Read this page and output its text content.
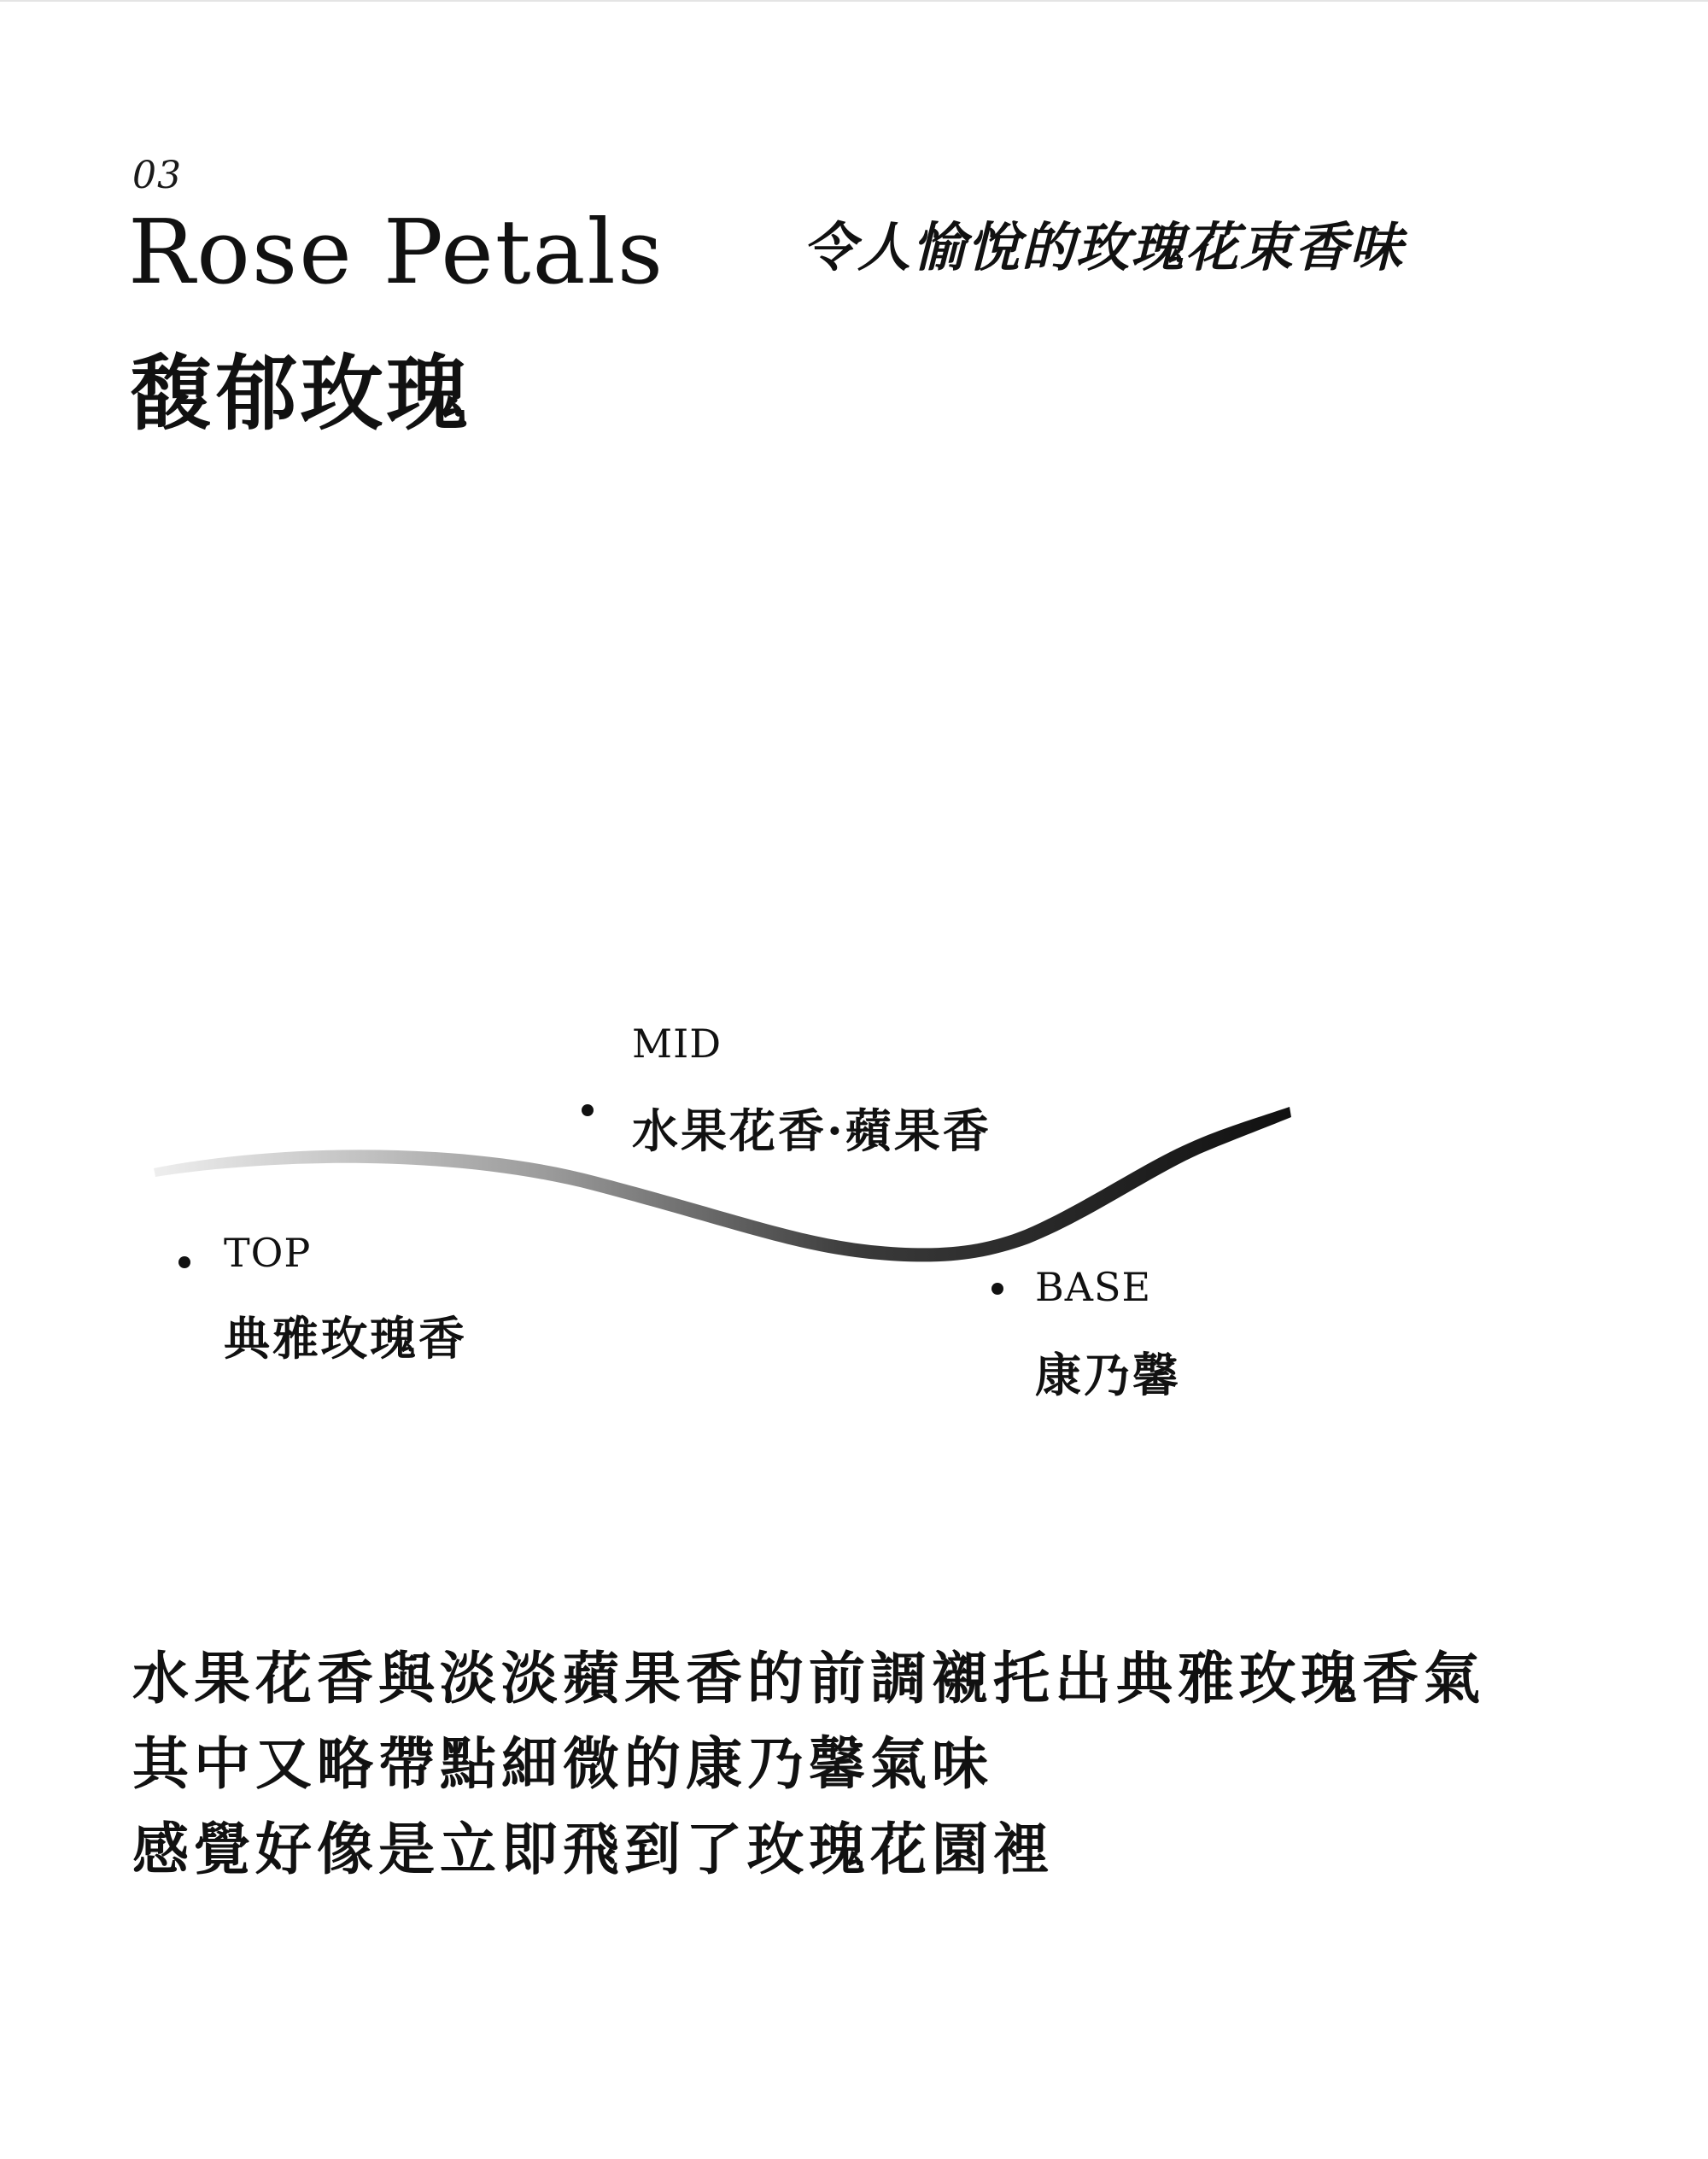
03
Rose Petals
馥郁玫瑰
令人愉悅的玫瑰花束香味
TOP
典雅玫瑰香
MID
水果花香·蘋果香
BASE
康乃馨
水果花香與淡淡蘋果香的前調襯托出典雅玫瑰香氣
其中又略帶點細微的康乃馨氣味
感覺好像是立即飛到了玫瑰花園裡
